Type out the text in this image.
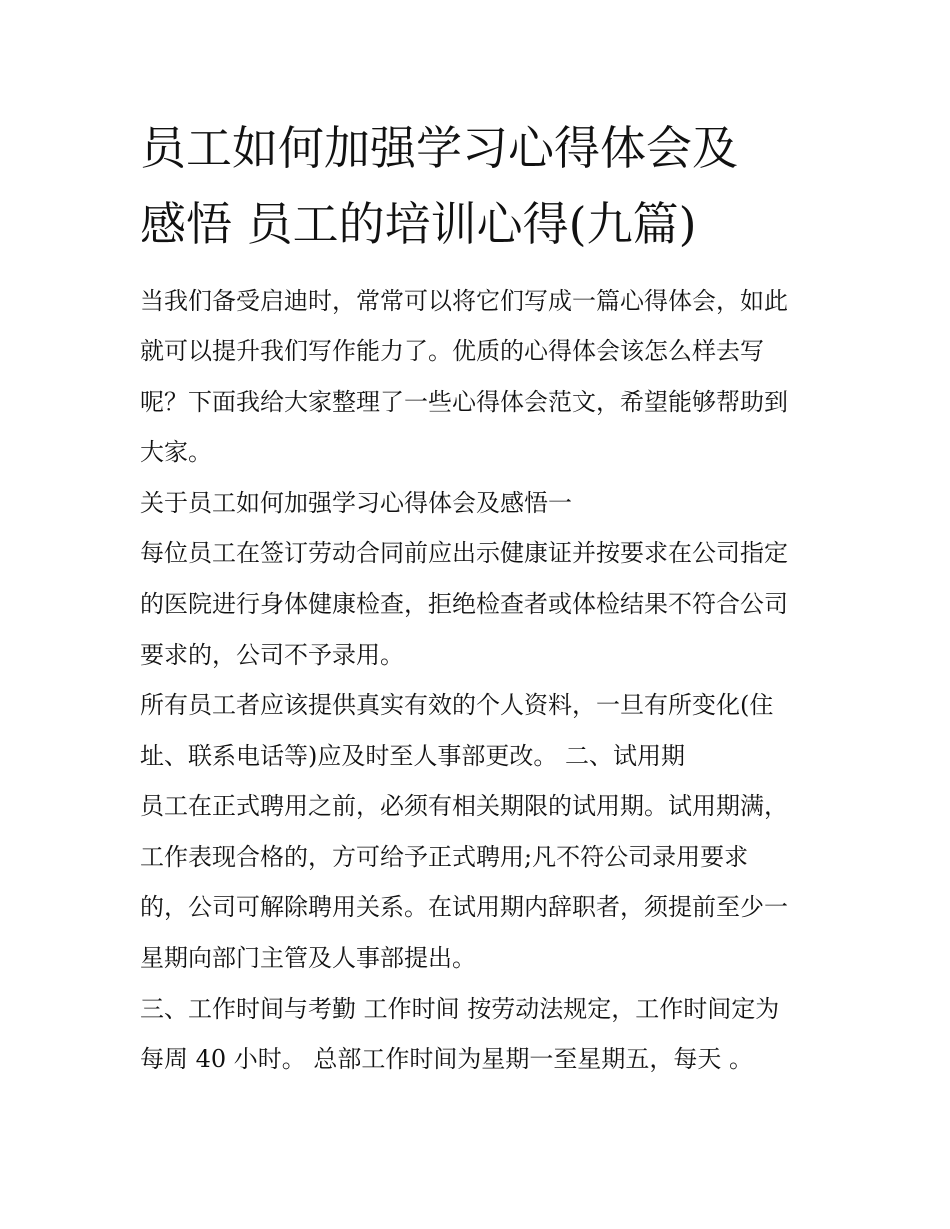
员工如何加强学习心得体会及
感悟 员工的培训心得(九篇)
当我们备受启迪时，常常可以将它们写成一篇心得体会，如此
就可以提升我们写作能力了。优质的心得体会该怎么样去写
呢？下面我给大家整理了一些心得体会范文，希望能够帮助到
大家。
关于员工如何加强学习心得体会及感悟一
每位员工在签订劳动合同前应出示健康证并按要求在公司指定
的医院进行身体健康检查，拒绝检查者或体检结果不符合公司
要求的，公司不予录用。
所有员工者应该提供真实有效的个人资料，一旦有所变化(住
址、联系电话等)应及时至人事部更改。 二、试用期
员工在正式聘用之前，必须有相关期限的试用期。试用期满，
工作表现合格的，方可给予正式聘用;凡不符公司录用要求
的，公司可解除聘用关系。在试用期内辞职者，须提前至少一
星期向部门主管及人事部提出。
三、工作时间与考勤 工作时间 按劳动法规定，工作时间定为
每周 40 小时。 总部工作时间为星期一至星期五，每天 。
